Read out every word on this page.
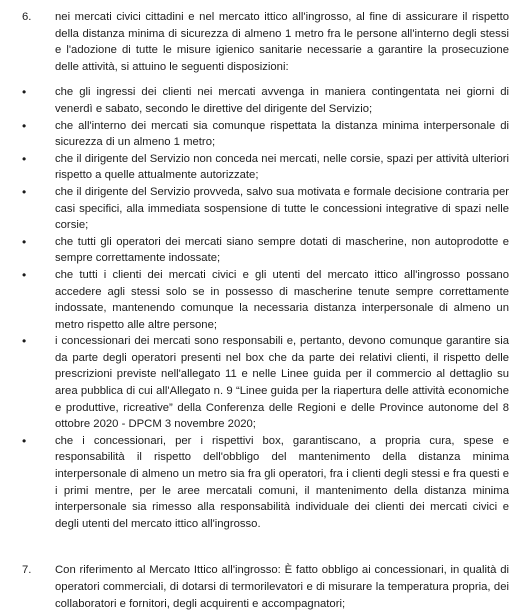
6.	nei mercati civici cittadini e nel mercato ittico all'ingrosso, al fine di assicurare il rispetto della distanza minima di sicurezza di almeno 1 metro fra le persone all'interno degli stessi e l'adozione di tutte le misure igienico sanitarie necessarie a garantire la prosecuzione delle attività, si attuino le seguenti disposizioni:
•	che gli ingressi dei clienti nei mercati avvenga in maniera contingentata nei giorni di venerdì e sabato, secondo le direttive del dirigente del Servizio;
•	che all'interno dei mercati sia comunque rispettata la distanza minima interpersonale di sicurezza di un almeno 1 metro;
•	che il dirigente del Servizio non conceda nei mercati, nelle corsie, spazi per attività ulteriori rispetto a quelle attualmente autorizzate;
•	che il dirigente del Servizio provveda, salvo sua motivata e formale decisione contraria per casi specifici, alla immediata sospensione di tutte le concessioni integrative di spazi nelle corsie;
•	che tutti gli operatori dei mercati siano sempre dotati di mascherine, non autoprodotte e sempre correttamente indossate;
•	che tutti i clienti dei mercati civici e gli utenti del mercato ittico all'ingrosso possano accedere agli stessi solo se in possesso di mascherine tenute sempre correttamente indossate, mantenendo comunque la necessaria distanza interpersonale di almeno un metro rispetto alle altre persone;
•	i concessionari dei mercati sono responsabili e, pertanto, devono comunque garantire sia da parte degli operatori presenti nel box che da parte dei relativi clienti, il rispetto delle prescrizioni previste nell'allegato 11 e nelle Linee guida per il commercio al dettaglio su area pubblica di cui all'Allegato n. 9 “Linee guida per la riapertura delle attività economiche e produttive, ricreative” della Conferenza delle Regioni e delle Province autonome del 8 ottobre 2020 - DPCM 3 novembre 2020;
•	che i concessionari, per i rispettivi box, garantiscano, a propria cura, spese e responsabilità il rispetto dell'obbligo del mantenimento della distanza minima interpersonale di almeno un metro sia fra gli operatori, fra i clienti degli stessi e fra questi e i primi mentre, per le aree mercatali comuni, il mantenimento della distanza minima interpersonale sia rimesso alla responsabilità individuale dei clienti dei mercati civici e degli utenti del mercato ittico all'ingrosso.
7.	Con riferimento al Mercato Ittico all'ingrosso: È fatto obbligo ai concessionari, in qualità di operatori commerciali, di dotarsi di termorilevatori e di misurare la temperatura propria, dei collaboratori e fornitori, degli acquirenti e accompagnatori;
